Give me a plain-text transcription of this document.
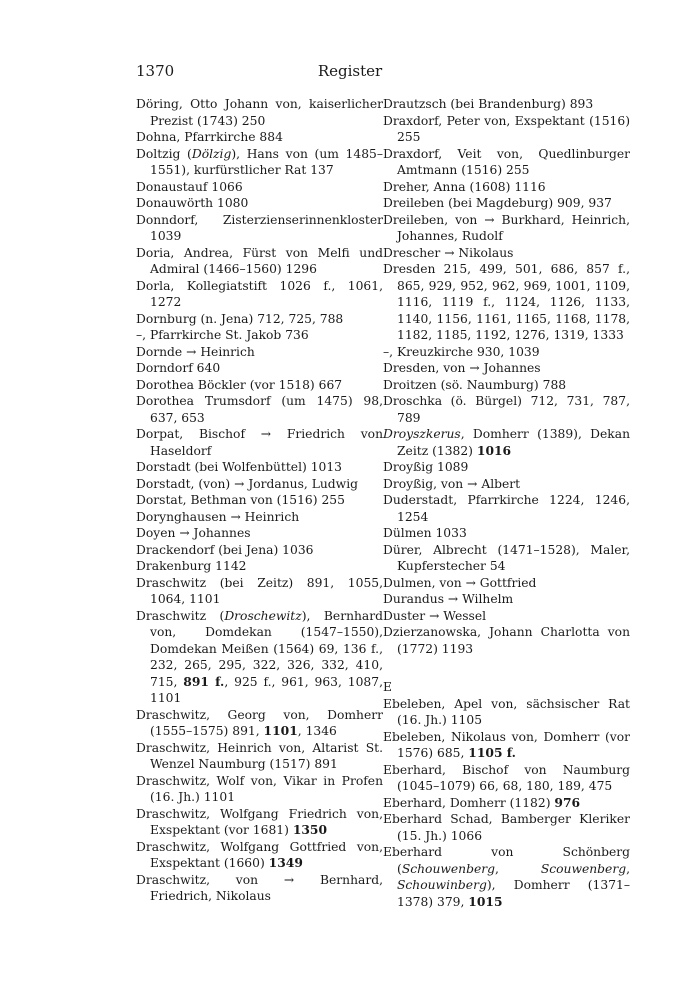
1370	Register

Döring, Otto Johann von, kaiserlicher Prezist (1743) 250

Dohna, Pfarrkirche 884

Doltzig (Dölzig), Hans von (um 1485–1551), kurfürstlicher Rat 137

Donaustauf 1066

Donauwörth 1080

Donndorf, Zisterzienserinnenkloster 1039

Doria, Andrea, Fürst von Melfi und Admiral (1466–1560) 1296

Dorla, Kollegiatstift 1026 f., 1061, 1272

Dornburg (n. Jena) 712, 725, 788

–, Pfarrkirche St. Jakob 736

Dornde → Heinrich

Dorndorf 640

Dorothea Böckler (vor 1518) 667

Dorothea Trumsdorf (um 1475) 98, 637, 653

Dorpat, Bischof → Friedrich von Haseldorf

Dorstadt (bei Wolfenbüttel) 1013

Dorstadt, (von) → Jordanus, Ludwig

Dorstat, Bethman von (1516) 255

Dorynghausen → Heinrich

Doyen → Johannes

Drackendorf (bei Jena) 1036

Drakenburg 1142

Draschwitz (bei Zeitz) 891, 1055, 1064, 1101

Draschwitz (Droschewitz), Bernhard von, Domdekan (1547–1550), Domdekan Meißen (1564) 69, 136 f., 232, 265, 295, 322, 326, 332, 410, 715, 891 f., 925 f., 961, 963, 1087, 1101

Draschwitz, Georg von, Domherr (1555–1575) 891, 1101, 1346

Draschwitz, Heinrich von, Altarist St. Wenzel Naumburg (1517) 891

Draschwitz, Wolf von, Vikar in Profen (16. Jh.) 1101

Draschwitz, Wolfgang Friedrich von, Exspektant (vor 1681) 1350

Draschwitz, Wolfgang Gottfried von, Exspektant (1660) 1349

Draschwitz, von → Bernhard, Friedrich, Nikolaus

Drautzsch (bei Brandenburg) 893

Draxdorf, Peter von, Exspektant (1516) 255

Draxdorf, Veit von, Quedlinburger Amtmann (1516) 255

Dreher, Anna (1608) 1116

Dreileben (bei Magdeburg) 909, 937

Dreileben, von → Burkhard, Heinrich, Johannes, Rudolf

Drescher → Nikolaus

Dresden 215, 499, 501, 686, 857 f., 865, 929, 952, 962, 969, 1001, 1109, 1116, 1119 f., 1124, 1126, 1133, 1140, 1156, 1161, 1165, 1168, 1178, 1182, 1185, 1192, 1276, 1319, 1333

–, Kreuzkirche 930, 1039

Dresden, von → Johannes

Droitzen (sö. Naumburg) 788

Droschka (ö. Bürgel) 712, 731, 787, 789

Droyszkerus, Domherr (1389), Dekan Zeitz (1382) 1016

Droyßig 1089

Droyßig, von → Albert

Duderstadt, Pfarrkirche 1224, 1246, 1254

Dülmen 1033

Dürer, Albrecht (1471–1528), Maler, Kupferstecher 54

Dulmen, von → Gottfried

Durandus → Wilhelm

Duster → Wessel

Dzierzanowska, Johann Charlotta von (1772) 1193

E

Ebeleben, Apel von, sächsischer Rat (16. Jh.) 1105

Ebeleben, Nikolaus von, Domherr (vor 1576) 685, 1105 f.

Eberhard, Bischof von Naumburg (1045–1079) 66, 68, 180, 189, 475

Eberhard, Domherr (1182) 976

Eberhard Schad, Bamberger Kleriker (15. Jh.) 1066

Eberhard von Schönberg (Schouwenberg, Scouwenberg, Schouwinberg), Domherr (1371–1378) 379, 1015
